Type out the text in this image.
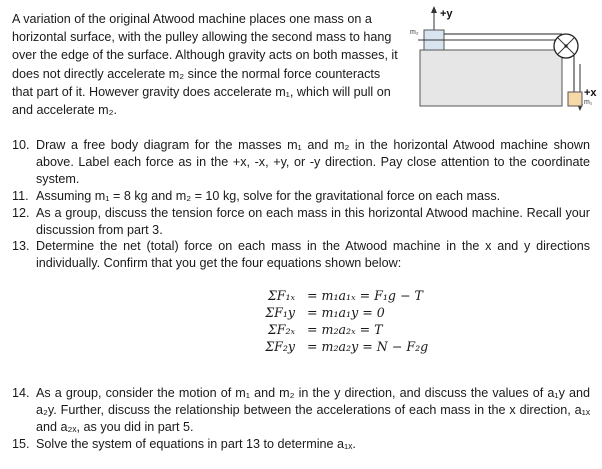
A variation of the original Atwood machine places one mass on a horizontal surface, with the pulley allowing the second mass to hang over the edge of the surface. Although gravity acts on both masses, it does not directly accelerate m₂ since the normal force counteracts that part of it. However gravity does accelerate m₁, which will pull on and accelerate m₂.
+y
m₂
+x
m₁
10. Draw a free body diagram for the masses m₁ and m₂ in the horizontal Atwood machine shown above. Label each force as in the +x, -x, +y, or -y direction. Pay close attention to the coordinate system.
11. Assuming m₁ = 8 kg and m₂ = 10 kg, solve for the gravitational force on each mass.
12. As a group, discuss the tension force on each mass in this horizontal Atwood machine. Recall your discussion from part 3.
13. Determine the net (total) force on each mass in the Atwood machine in the x and y directions individually. Confirm that you get the four equations shown below:
ΣF₁ₓ = m₁a₁ₓ = F₁g − T
ΣF₁y = m₁a₁y = 0
ΣF₂ₓ = m₂a₂ₓ = T
ΣF₂y = m₂a₂y = N − F₂g
14. As a group, consider the motion of m₁ and m₂ in the y direction, and discuss the values of a₁y and a₂y. Further, discuss the relationship between the accelerations of each mass in the x direction, a₁ₓ and a₂ₓ, as you did in part 5.
15. Solve the system of equations in part 13 to determine a₁ₓ.
